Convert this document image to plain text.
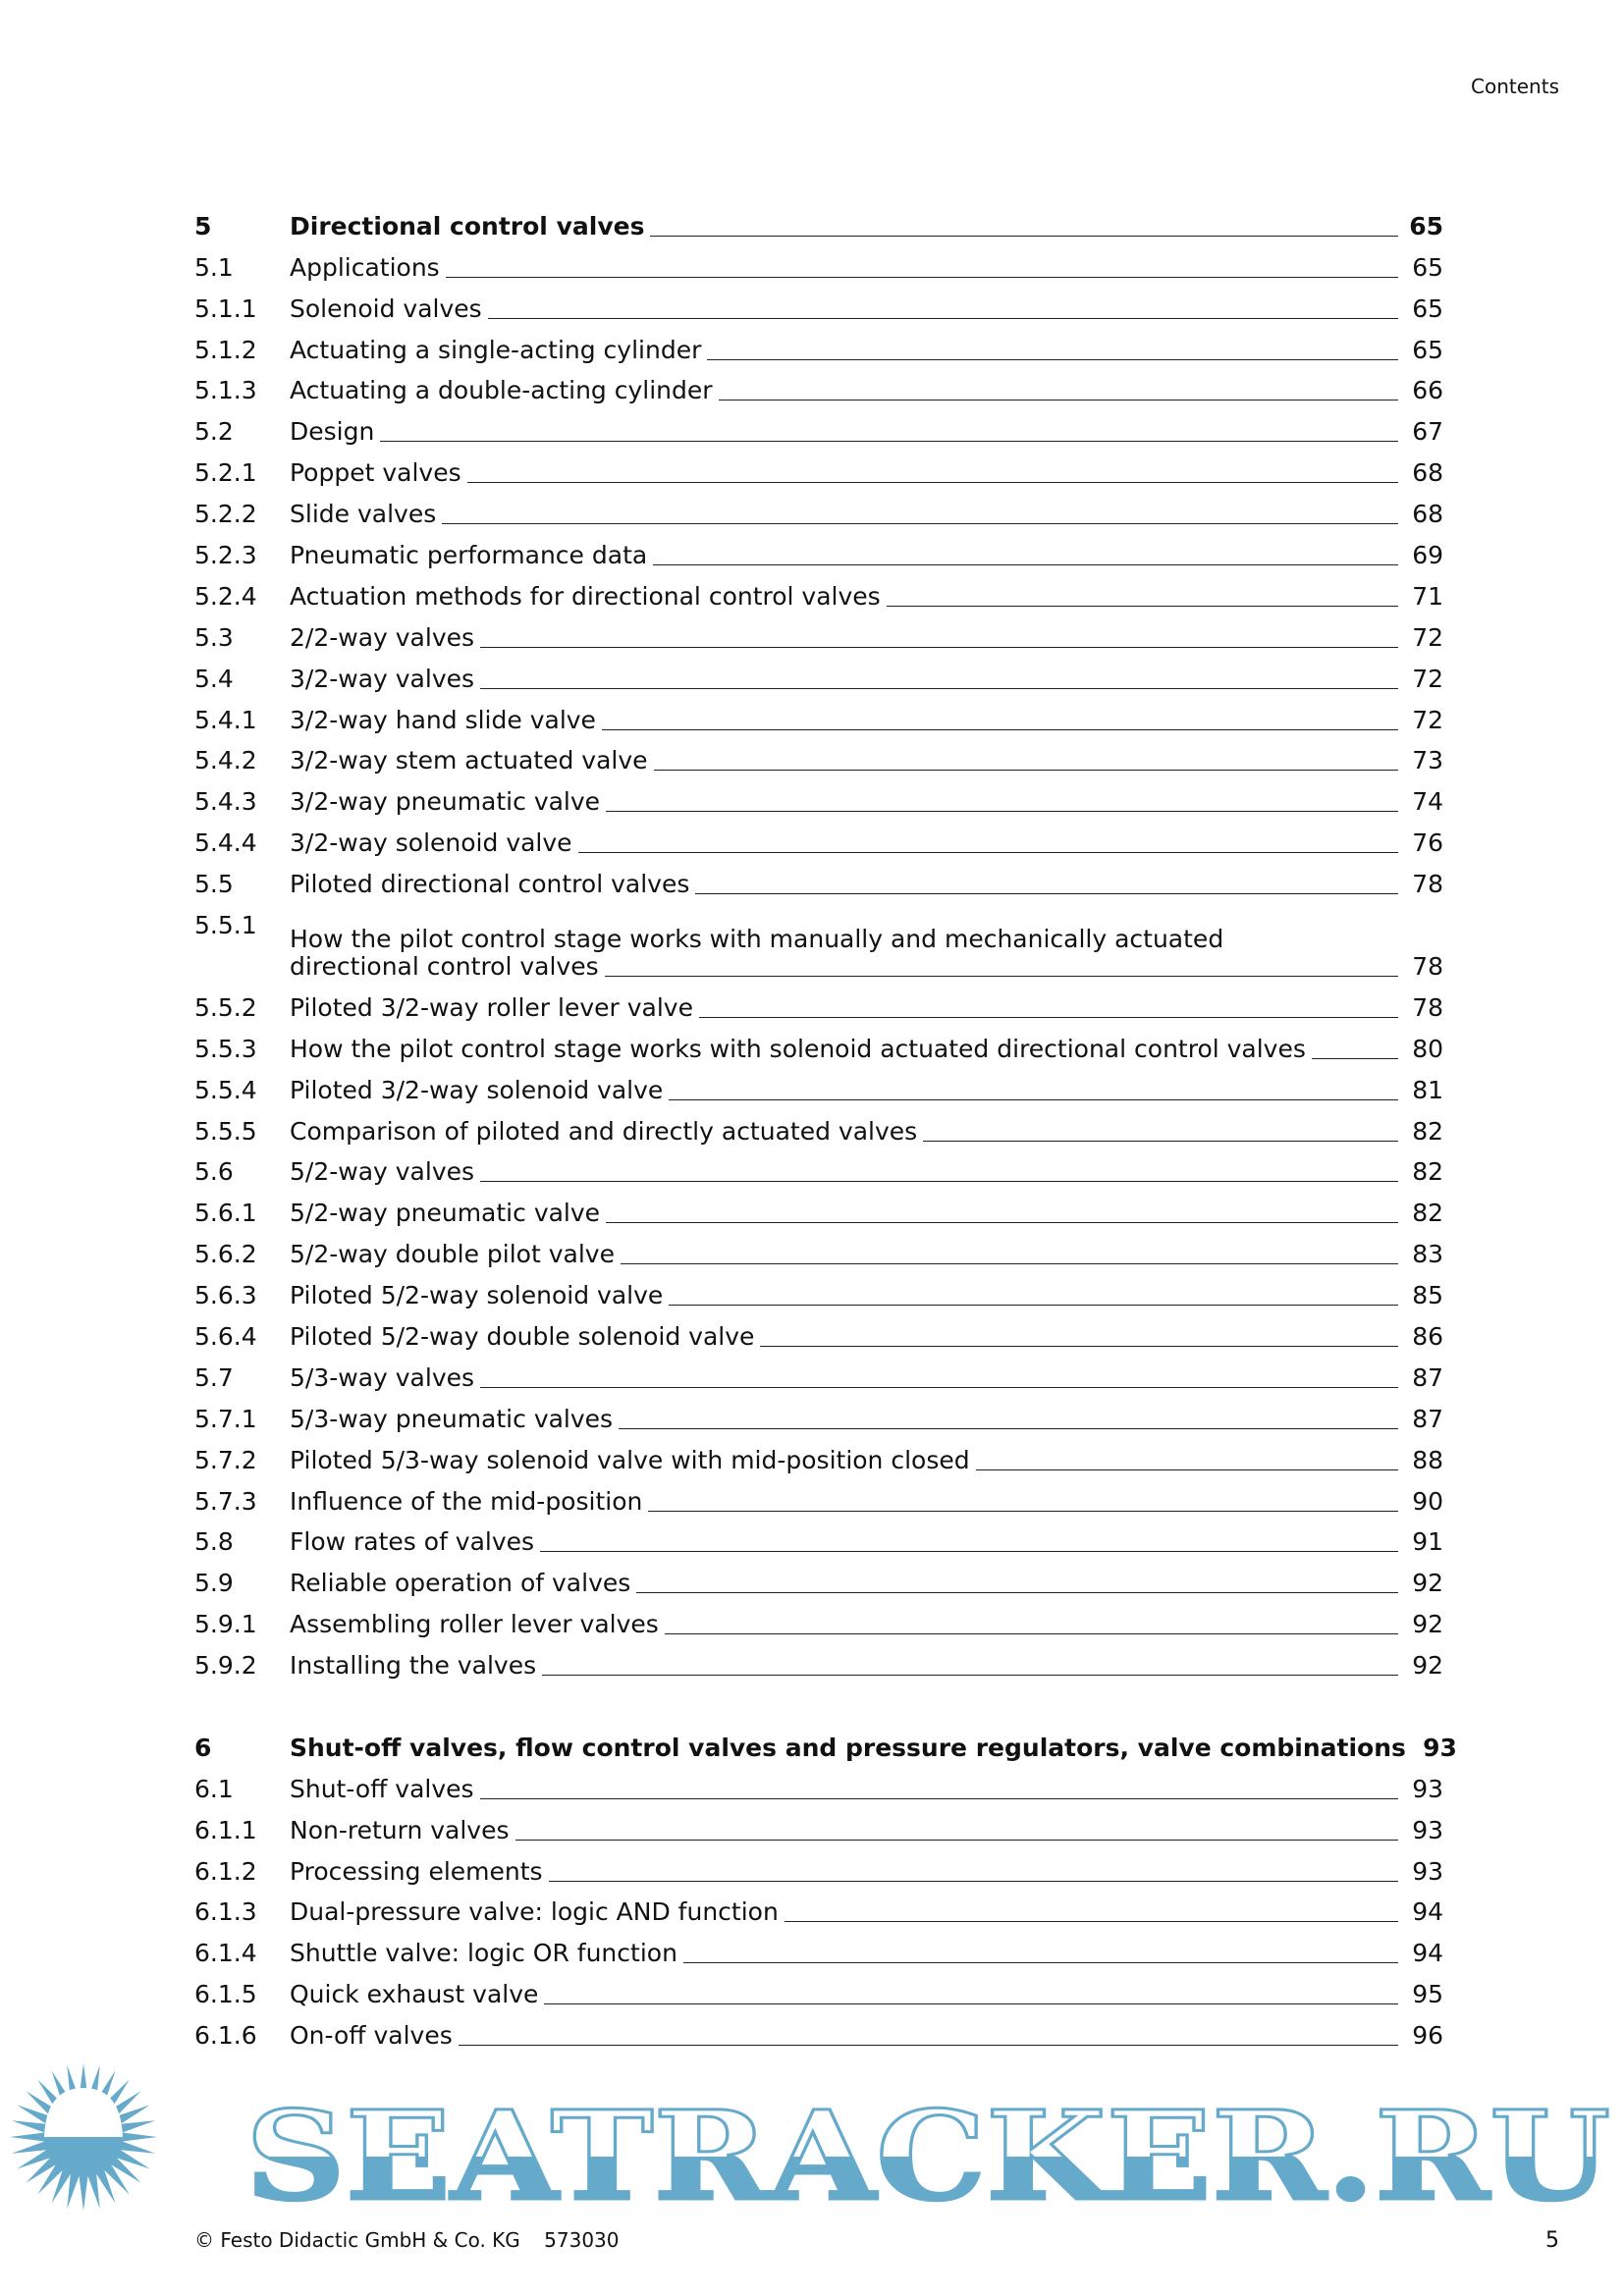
Contents
5	Directional control valves	65
5.1	Applications	65
5.1.1	Solenoid valves	65
5.1.2	Actuating a single-acting cylinder	65
5.1.3	Actuating a double-acting cylinder	66
5.2	Design	67
5.2.1	Poppet valves	68
5.2.2	Slide valves	68
5.2.3	Pneumatic performance data	69
5.2.4	Actuation methods for directional control valves	71
5.3	2/2-way valves	72
5.4	3/2-way valves	72
5.4.1	3/2-way hand slide valve	72
5.4.2	3/2-way stem actuated valve	73
5.4.3	3/2-way pneumatic valve	74
5.4.4	3/2-way solenoid valve	76
5.5	Piloted directional control valves	78
5.5.1	How the pilot control stage works with manually and mechanically actuated
directional control valves	78
5.5.2	Piloted 3/2-way roller lever valve	78
5.5.3	How the pilot control stage works with solenoid actuated directional control valves	80
5.5.4	Piloted 3/2-way solenoid valve	81
5.5.5	Comparison of piloted and directly actuated valves	82
5.6	5/2-way valves	82
5.6.1	5/2-way pneumatic valve	82
5.6.2	5/2-way double pilot valve	83
5.6.3	Piloted 5/2-way solenoid valve	85
5.6.4	Piloted 5/2-way double solenoid valve	86
5.7	5/3-way valves	87
5.7.1	5/3-way pneumatic valves	87
5.7.2	Piloted 5/3-way solenoid valve with mid-position closed	88
5.7.3	Influence of the mid-position	90
5.8	Flow rates of valves	91
5.9	Reliable operation of valves	92
5.9.1	Assembling roller lever valves	92
5.9.2	Installing the valves	92
6	Shut-off valves, flow control valves and pressure regulators, valve combinations 93
6.1	Shut-off valves	93
6.1.1	Non-return valves	93
6.1.2	Processing elements	93
6.1.3	Dual-pressure valve: logic AND function	94
6.1.4	Shuttle valve: logic OR function	94
6.1.5	Quick exhaust valve	95
6.1.6	On-off valves	96
SEATRACKER.RU
© Festo Didactic GmbH & Co. KG 573030	5
